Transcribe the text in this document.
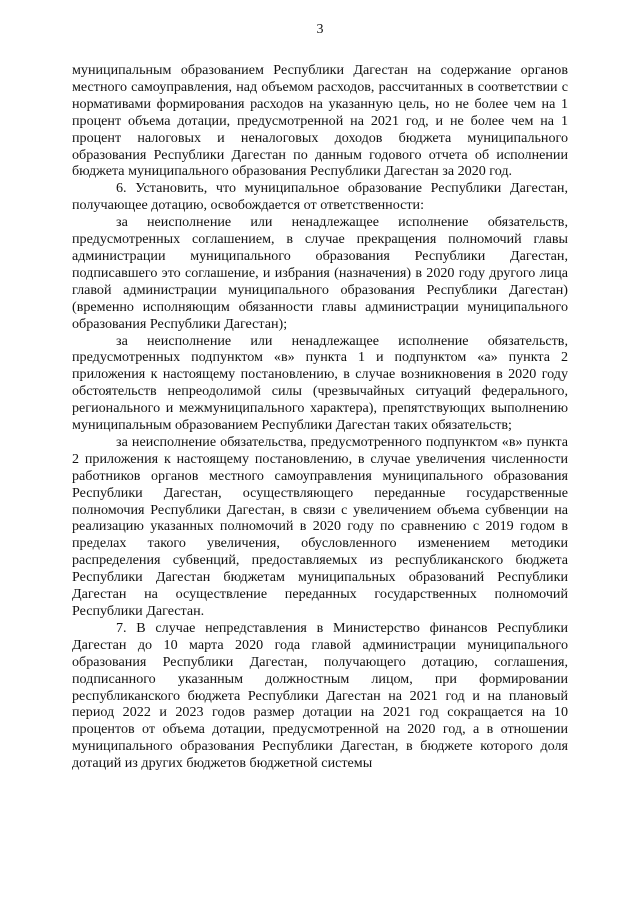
3

муниципальным образованием Республики Дагестан на содержание органов местного самоуправления, над объемом расходов, рассчитанных в соответствии с нормативами формирования расходов на указанную цель, но не более чем на 1 процент объема дотации, предусмотренной на 2021 год, и не более чем на 1 процент налоговых и неналоговых доходов бюджета муниципального образования Республики Дагестан по данным годового отчета об исполнении бюджета муниципального образования Республики Дагестан за 2020 год.

6. Установить, что муниципальное образование Республики Дагестан, получающее дотацию, освобождается от ответственности:

за неисполнение или ненадлежащее исполнение обязательств, предусмотренных соглашением, в случае прекращения полномочий главы администрации муниципального образования Республики Дагестан, подписавшего это соглашение, и избрания (назначения) в 2020 году другого лица главой администрации муниципального образования Республики Дагестан) (временно исполняющим обязанности главы администрации муниципального образования Республики Дагестан);

за неисполнение или ненадлежащее исполнение обязательств, предусмотренных подпунктом «в» пункта 1 и подпунктом «а» пункта 2 приложения к настоящему постановлению, в случае возникновения в 2020 году обстоятельств непреодолимой силы (чрезвычайных ситуаций федерального, регионального и межмуниципального характера), препятствующих выполнению муниципальным образованием Республики Дагестан таких обязательств;

за неисполнение обязательства, предусмотренного подпунктом «в» пункта 2 приложения к настоящему постановлению, в случае увеличения численности работников органов местного самоуправления муниципального образования Республики Дагестан, осуществляющего переданные государственные полномочия Республики Дагестан, в связи с увеличением объема субвенции на реализацию указанных полномочий в 2020 году по сравнению с 2019 годом в пределах такого увеличения, обусловленного изменением методики распределения субвенций, предоставляемых из республиканского бюджета Республики Дагестан бюджетам муниципальных образований Республики Дагестан на осуществление переданных государственных полномочий Республики Дагестан.

7. В случае непредставления в Министерство финансов Республики Дагестан до 10 марта 2020 года главой администрации муниципального образования Республики Дагестан, получающего дотацию, соглашения, подписанного указанным должностным лицом, при формировании республиканского бюджета Республики Дагестан на 2021 год и на плановый период 2022 и 2023 годов размер дотации на 2021 год сокращается на 10 процентов от объема дотации, предусмотренной на 2020 год, а в отношении муниципального образования Республики Дагестан, в бюджете которого доля дотаций из других бюджетов бюджетной системы
